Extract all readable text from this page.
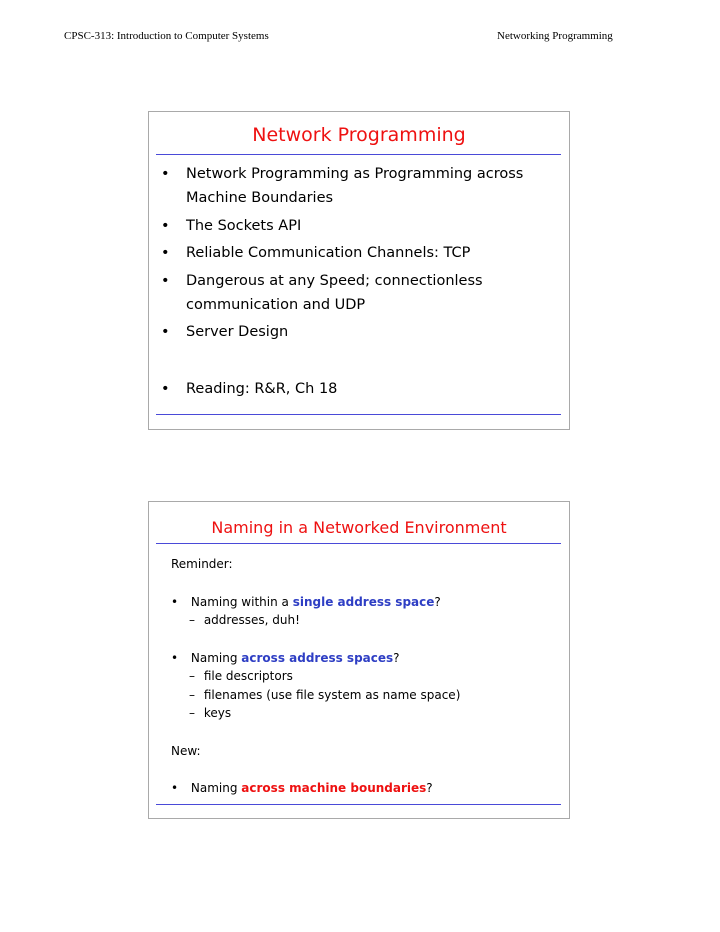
CPSC-313: Introduction to Computer Systems	Networking Programming
Network Programming
• Network Programming as Programming across
Machine Boundaries
• The Sockets API
• Reliable Communication Channels: TCP
• Dangerous at any Speed; connectionless
communication and UDP
• Server Design
• Reading: R&R, Ch 18
Naming in a Networked Environment
Reminder:
• Naming within a single address space?
– addresses, duh!
• Naming across address spaces?
– file descriptors
– filenames (use file system as name space)
– keys
New:
• Naming across machine boundaries?
